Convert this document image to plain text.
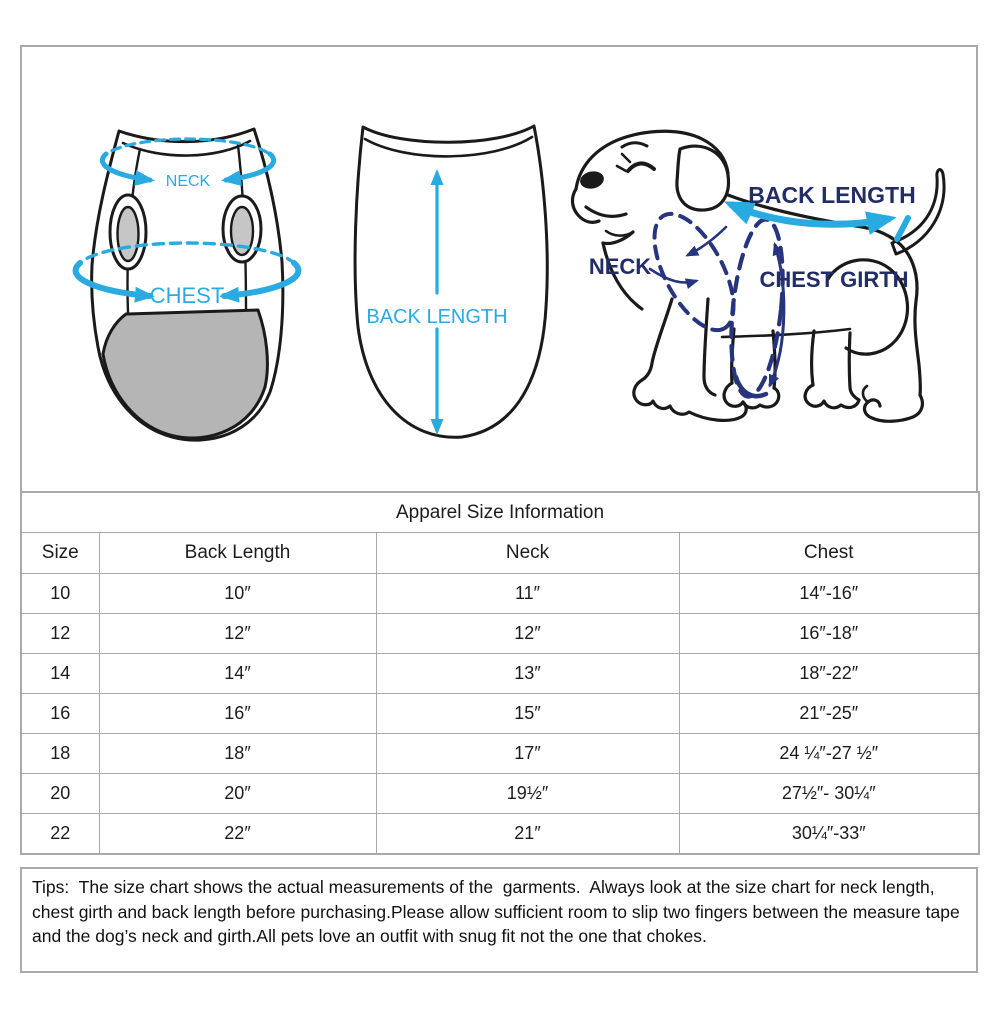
NECK
CHEST
BACK LENGTH
BACK LENGTH
NECK
CHEST GIRTH
Apparel Size Information			
Size	Back Length	Neck	Chest
10	10″	11″	14″-16″
12	12″	12″	16″-18″
14	14″	13″	18″-22″
16	16″	15″	21″-25″
18	18″	17″	24 ¼″-27 ½″
20	20″	19½″	27½″- 30¼″
22	22″	21″	30¼″-33″
Tips:  The size chart shows the actual measurements of the  garments.  Always look at the size chart for neck length, chest girth and back length before purchasing.Please allow sufficient room to slip two fingers between the measure tape and the dog’s neck and girth.All pets love an outfit with snug fit not the one that chokes.
